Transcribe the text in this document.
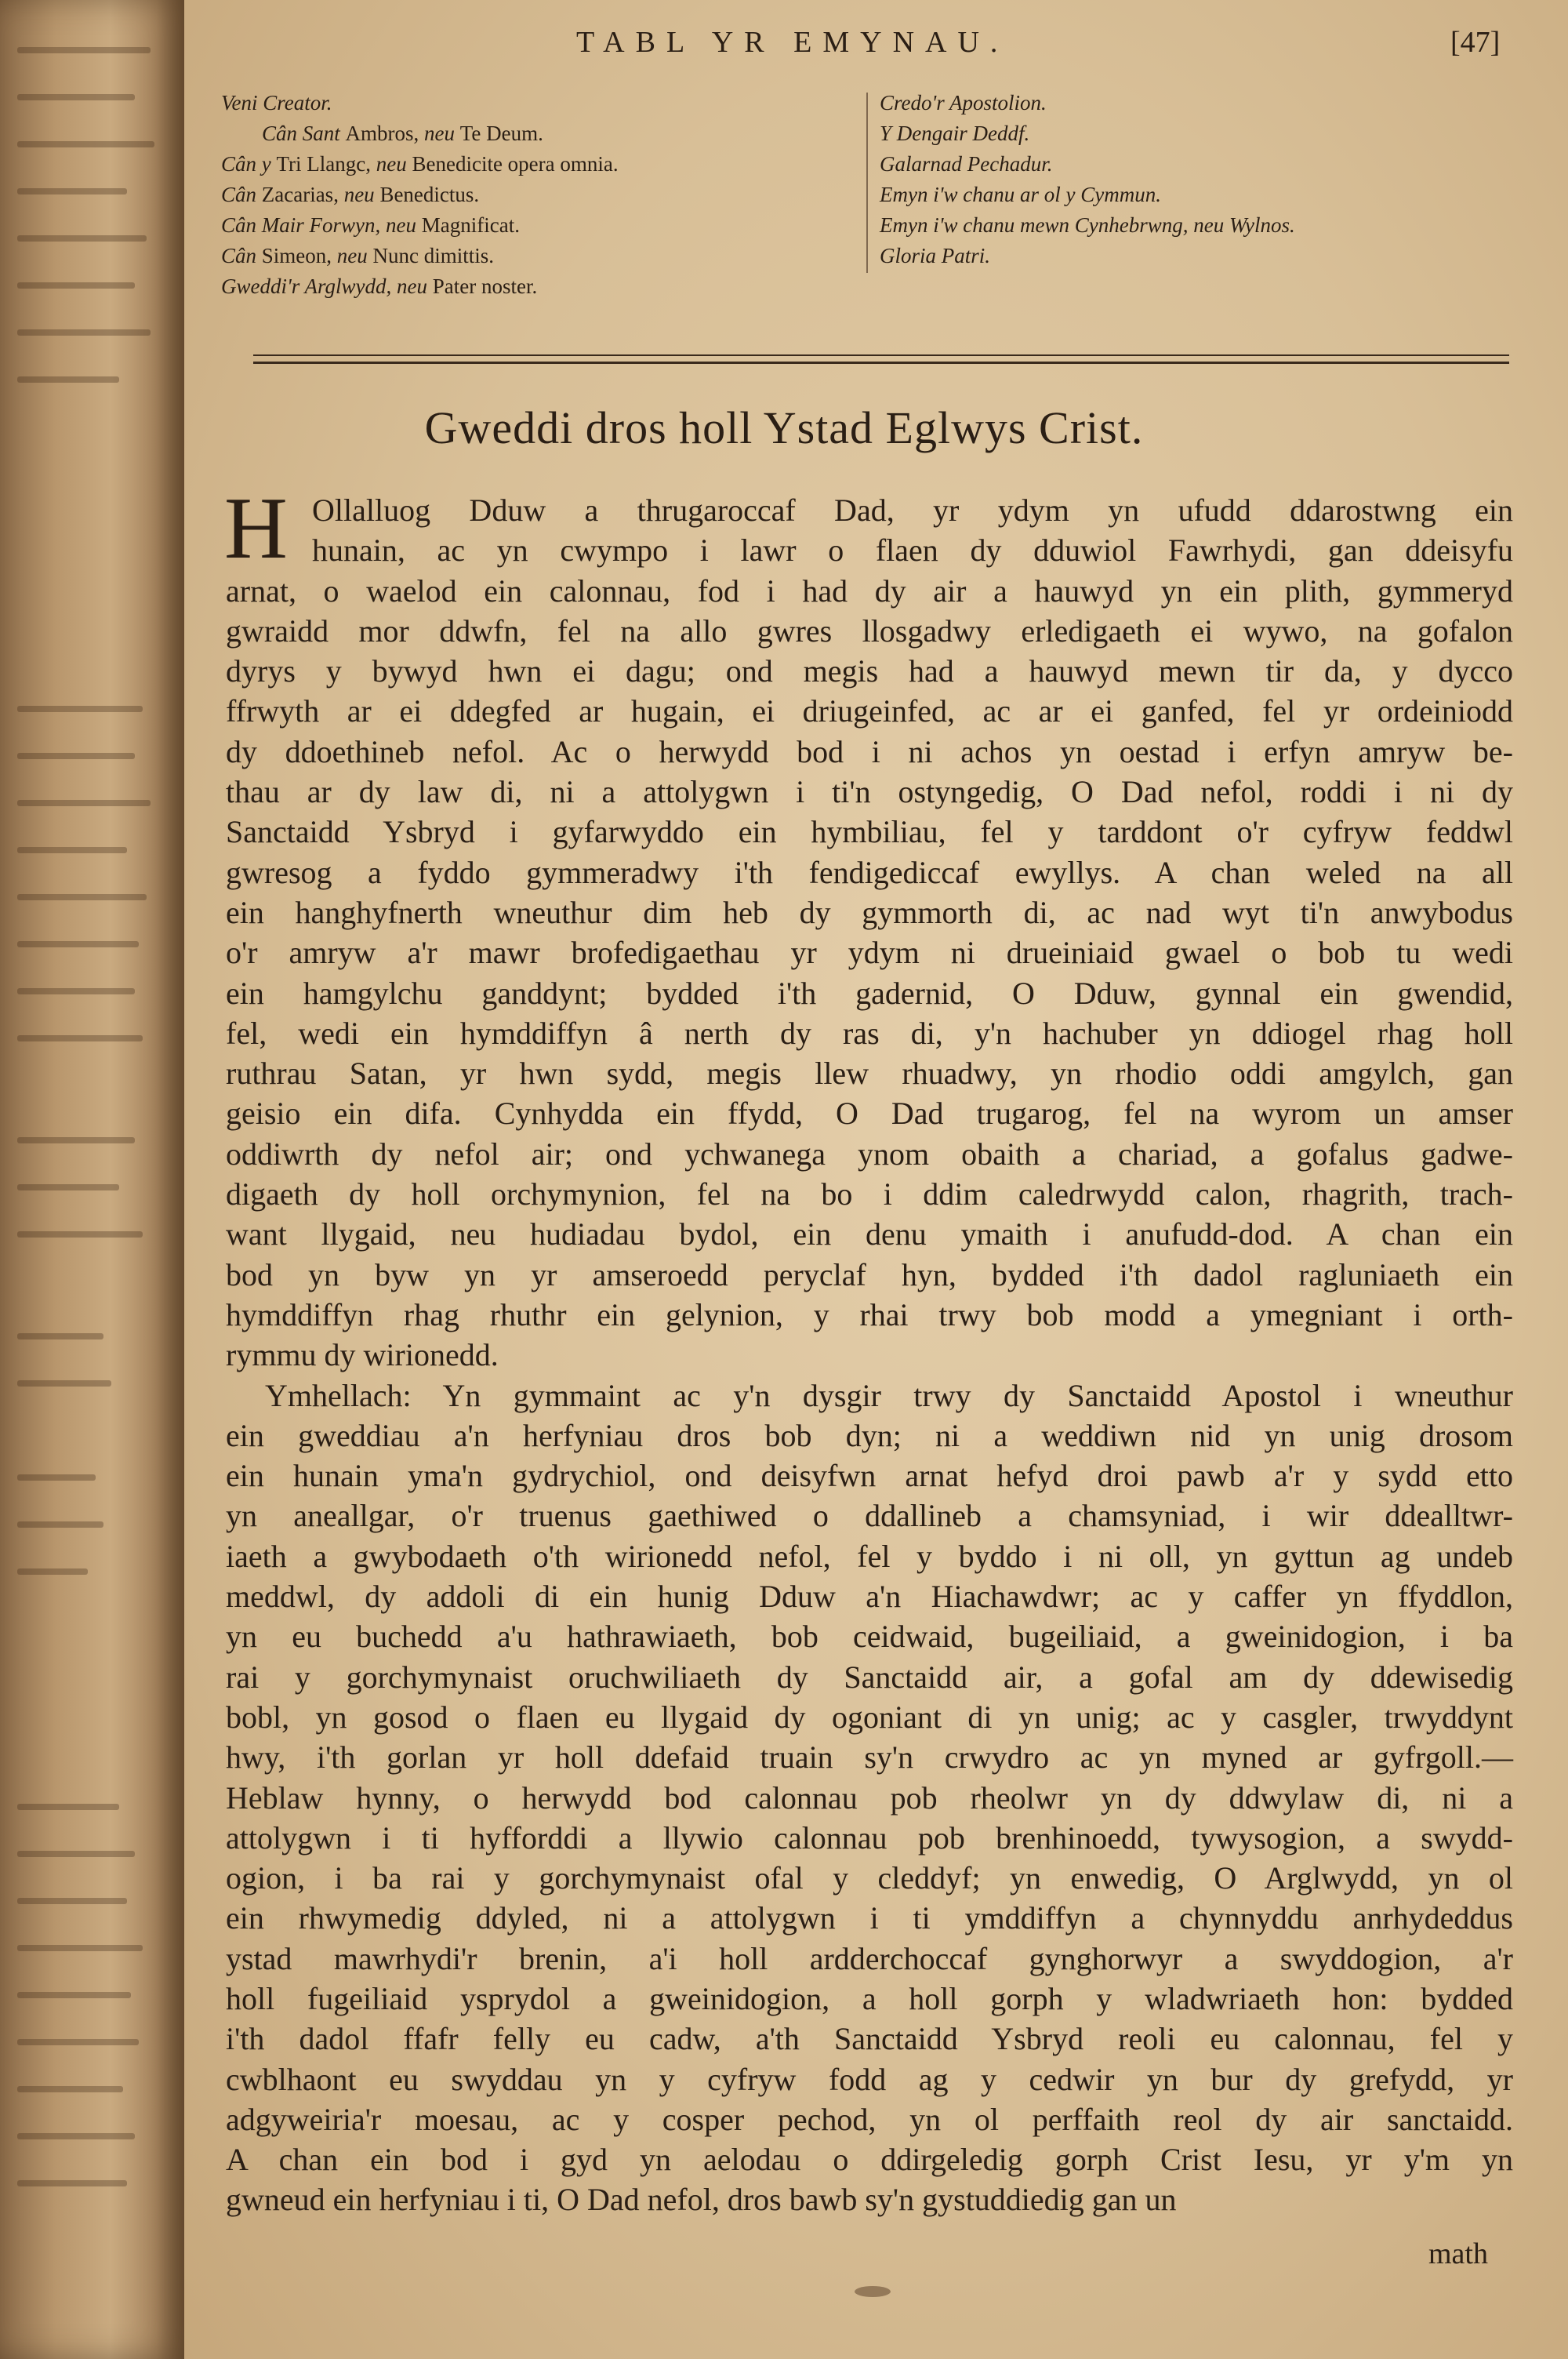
TABL YR EMYNAU.	[47]
Veni Creator.
Cân Sant Ambros, neu Te Deum.
Cân y Tri Llangc, neu Benedicite opera omnia.
Cân Zacarias, neu Benedictus.
Cân Mair Forwyn, neu Magnificat.
Cân Simeon, neu Nunc dimittis.
Gweddi'r Arglwydd, neu Pater noster.
Credo'r Apostolion.
Y Dengair Deddf.
Galarnad Pechadur.
Emyn i'w chanu ar ol y Cymmun.
Emyn i'w chanu mewn Cynhebrwng, neu Wylnos.
Gloria Patri.
Gweddi dros holl Ystad Eglwys Crist.
H Ollalluog Dduw a thrugaroccaf Dad, yr ydym yn ufudd ddarostwng ein
hunain, ac yn cwympo i lawr o flaen dy dduwiol Fawrhydi, gan ddeisyfu
arnat, o waelod ein calonnau, fod i had dy air a hauwyd yn ein plith, gymmeryd
gwraidd mor ddwfn, fel na allo gwres llosgadwy erledigaeth ei wywo, na gofalon
dyrys y bywyd hwn ei dagu; ond megis had a hauwyd mewn tir da, y dycco
ffrwyth ar ei ddegfed ar hugain, ei driugeinfed, ac ar ei ganfed, fel yr ordeiniodd
dy ddoethineb nefol. Ac o herwydd bod i ni achos yn oestad i erfyn amryw be-
thau ar dy law di, ni a attolygwn i ti'n ostyngedig, O Dad nefol, roddi i ni dy
Sanctaidd Ysbryd i gyfarwyddo ein hymbiliau, fel y tarddont o'r cyfryw feddwl
gwresog a fyddo gymmeradwy i'th fendigediccaf ewyllys. A chan weled na all
ein hanghyfnerth wneuthur dim heb dy gymmorth di, ac nad wyt ti'n anwybodus
o'r amryw a'r mawr brofedigaethau yr ydym ni drueiniaid gwael o bob tu wedi
ein hamgylchu ganddynt; bydded i'th gadernid, O Dduw, gynnal ein gwendid,
fel, wedi ein hymddiffyn â nerth dy ras di, y'n hachuber yn ddiogel rhag holl
ruthrau Satan, yr hwn sydd, megis llew rhuadwy, yn rhodio oddi amgylch, gan
geisio ein difa. Cynhydda ein ffydd, O Dad trugarog, fel na wyrom un amser
oddiwrth dy nefol air; ond ychwanega ynom obaith a chariad, a gofalus gadwe-
digaeth dy holl orchymynion, fel na bo i ddim caledrwydd calon, rhagrith, trach-
want llygaid, neu hudiadau bydol, ein denu ymaith i anufudd-dod. A chan ein
bod yn byw yn yr amseroedd peryclaf hyn, bydded i'th dadol ragluniaeth ein
hymddiffyn rhag rhuthr ein gelynion, y rhai trwy bob modd a ymegniant i orth-
rymmu dy wirionedd.
Ymhellach: Yn gymmaint ac y'n dysgir trwy dy Sanctaidd Apostol i wneuthur
ein gweddiau a'n herfyniau dros bob dyn; ni a weddiwn nid yn unig drosom
ein hunain yma'n gydrychiol, ond deisyfwn arnat hefyd droi pawb a'r y sydd etto
yn aneallgar, o'r truenus gaethiwed o ddallineb a chamsyniad, i wir ddealltwr-
iaeth a gwybodaeth o'th wirionedd nefol, fel y byddo i ni oll, yn gyttun ag undeb
meddwl, dy addoli di ein hunig Dduw a'n Hiachawdwr; ac y caffer yn ffyddlon,
yn eu buchedd a'u hathrawiaeth, bob ceidwaid, bugeiliaid, a gweinidogion, i ba
rai y gorchymynaist oruchwiliaeth dy Sanctaidd air, a gofal am dy ddewisedig
bobl, yn gosod o flaen eu llygaid dy ogoniant di yn unig; ac y casgler, trwyddynt
hwy, i'th gorlan yr holl ddefaid truain sy'n crwydro ac yn myned ar gyfrgoll.—
Heblaw hynny, o herwydd bod calonnau pob rheolwr yn dy ddwylaw di, ni a
attolygwn i ti hyfforddi a llywio calonnau pob brenhinoedd, tywysogion, a swydd-
ogion, i ba rai y gorchymynaist ofal y cleddyf; yn enwedig, O Arglwydd, yn ol
ein rhwymedig ddyled, ni a attolygwn i ti ymddiffyn a chynnyddu anrhydeddus
ystad mawrhydi'r brenin, a'i holl ardderchoccaf gynghorwyr a swyddogion, a'r
holl fugeiliaid ysprydol a gweinidogion, a holl gorph y wladwriaeth hon: bydded
i'th dadol ffafr felly eu cadw, a'th Sanctaidd Ysbryd reoli eu calonnau, fel y
cwblhaont eu swyddau yn y cyfryw fodd ag y cedwir yn bur dy grefydd, yr
adgyweiria'r moesau, ac y cosper pechod, yn ol perffaith reol dy air sanctaidd.
A chan ein bod i gyd yn aelodau o ddirgeledig gorph Crist Iesu, yr y'm yn
gwneud ein herfyniau i ti, O Dad nefol, dros bawb sy'n gystuddiedig gan un
math
